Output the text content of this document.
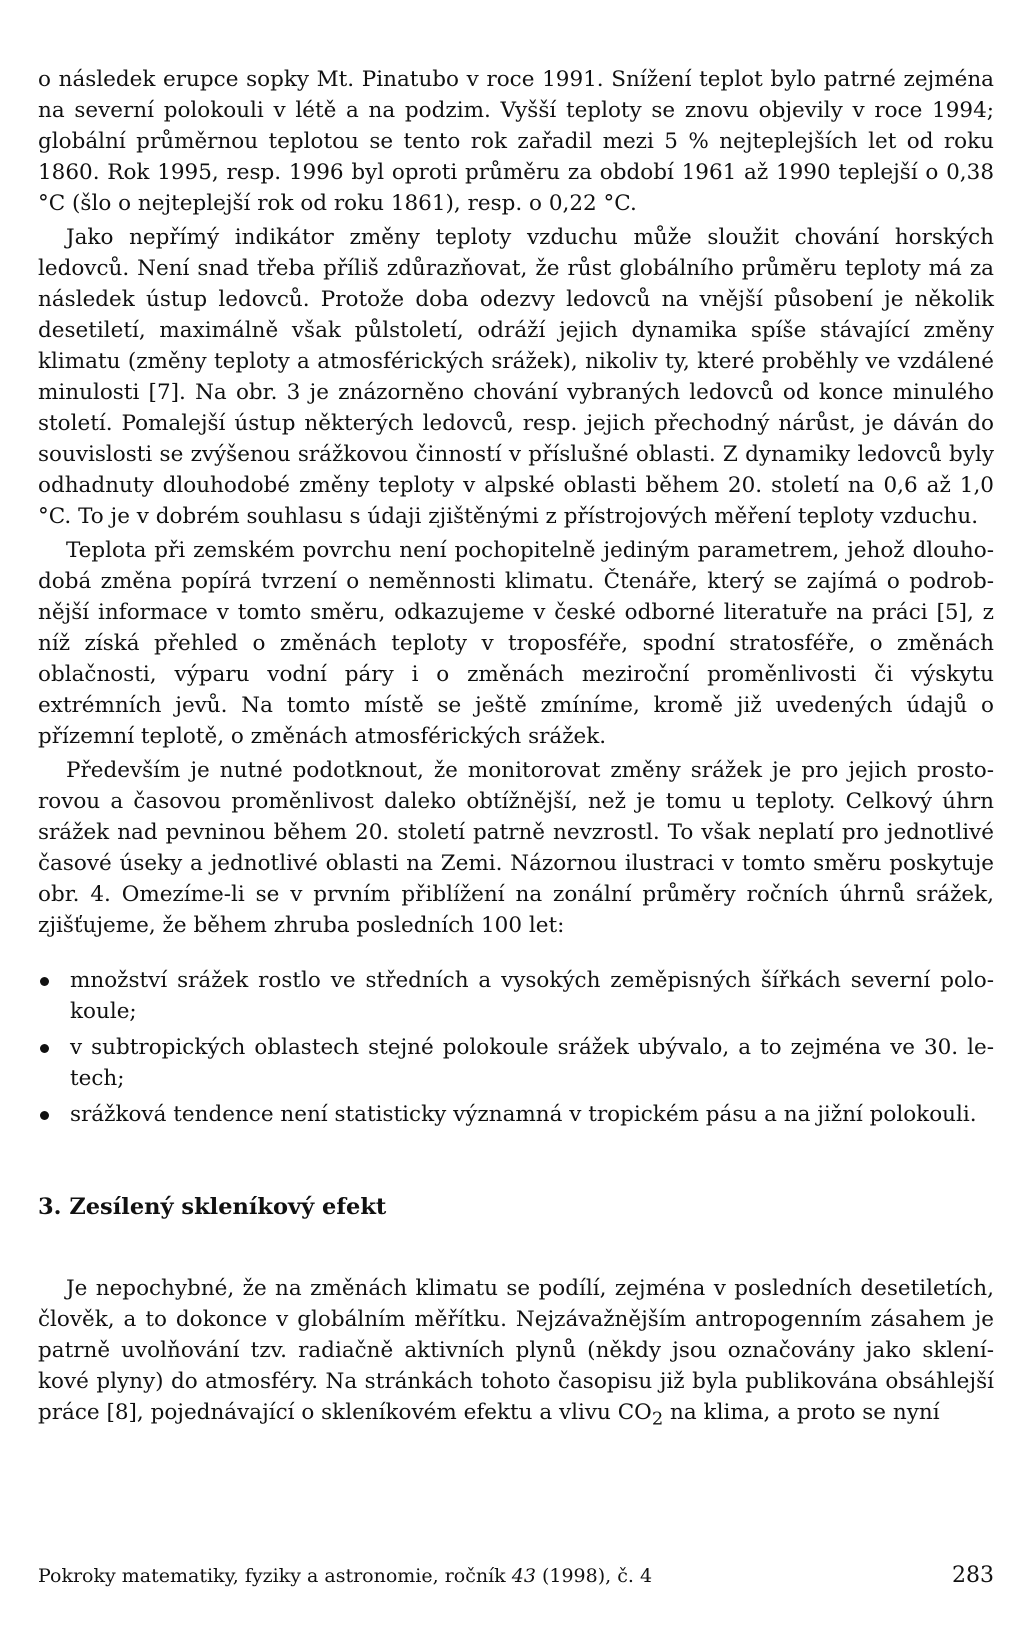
o následek erupce sopky Mt. Pinatubo v roce 1991. Snížení teplot bylo patrné zejména na severní polokouli v létě a na podzim. Vyšší teploty se znovu objevily v roce 1994; globální průměrnou teplotou se tento rok zařadil mezi 5 % nejteplejších let od roku 1860. Rok 1995, resp. 1996 byl oproti průměru za období 1961 až 1990 teplejší o 0,38 °C (šlo o nejteplejší rok od roku 1861), resp. o 0,22 °C.

Jako nepřímý indikátor změny teploty vzduchu může sloužit chování horských ledovců. Není snad třeba příliš zdůrazňovat, že růst globálního průměru teploty má za následek ústup ledovců. Protože doba odezvy ledovců na vnější působení je několik desetiletí, maximálně však půlstoletí, odráží jejich dynamika spíše stávající změny klimatu (změny teploty a atmosférických srážek), nikoliv ty, které proběhly ve vzdálené minulosti [7]. Na obr. 3 je znázorněno chování vybraných ledovců od konce minulého století. Pomalejší ústup některých ledovců, resp. jejich přechodný nárůst, je dáván do souvislosti se zvýšenou srážkovou činností v příslušné oblasti. Z dynamiky ledovců byly odhadnuty dlouhodobé změny teploty v alpské oblasti během 20. století na 0,6 až 1,0 °C. To je v dobrém souhlasu s údaji zjištěnými z přístrojových měření teploty vzduchu.

Teplota při zemském povrchu není pochopitelně jediným parametrem, jehož dlouhodobá změna popírá tvrzení o neměnnosti klimatu. Čtenáře, který se zajímá o podrobnější informace v tomto směru, odkazujeme v české odborné literatuře na práci [5], z níž získá přehled o změnách teploty v troposféře, spodní stratosféře, o změnách oblačnosti, výparu vodní páry i o změnách meziroční proměnlivosti či výskytu extrémních jevů. Na tomto místě se ještě zmíníme, kromě již uvedených údajů o přízemní teplotě, o změnách atmosférických srážek.

Především je nutné podotknout, že monitorovat změny srážek je pro jejich prostorovou a časovou proměnlivost daleko obtížnější, než je tomu u teploty. Celkový úhrn srážek nad pevninou během 20. století patrně nevzrostl. To však neplatí pro jednotlivé časové úseky a jednotlivé oblasti na Zemi. Názornou ilustraci v tomto směru poskytuje obr. 4. Omezíme-li se v prvním přiblížení na zonální průměry ročních úhrnů srážek, zjišťujeme, že během zhruba posledních 100 let:

množství srážek rostlo ve středních a vysokých zeměpisných šířkách severní polokoule;
v subtropických oblastech stejné polokoule srážek ubývalo, a to zejména ve 30. letech;
srážková tendence není statisticky významná v tropickém pásu a na jižní polokouli.
3. Zesílený skleníkový efekt

Je nepochybné, že na změnách klimatu se podílí, zejména v posledních desetiletích, člověk, a to dokonce v globálním měřítku. Nejzávažnějším antropogenním zásahem je patrně uvolňování tzv. radiačně aktivních plynů (někdy jsou označovány jako skleníkové plyny) do atmosféry. Na stránkách tohoto časopisu již byla publikována obsáhlejší práce [8], pojednávající o skleníkovém efektu a vlivu $CO_2$ na klima, a proto se nyní

Pokroky matematiky, fyziky a astronomie, ročník 43 (1998), č. 4	283
